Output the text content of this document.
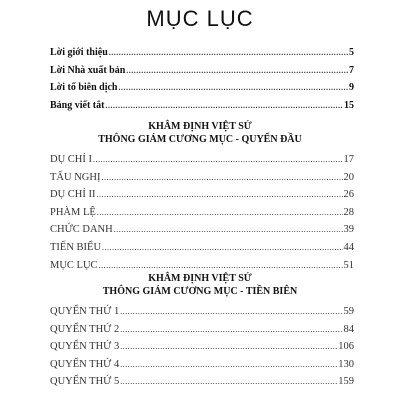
MỤC LỤC
Lời giới thiệu .....	5
Lời Nhà xuất bản .....	7
Lời tổ biên dịch .....	9
Bảng viết tắt .....	15
KHÂM ĐỊNH VIỆT SỬ
THÔNG GIÁM CƯƠNG MỤC - QUYỂN ĐẦU
DỤ CHỈ I .....	17
TẤU NGHỊ .....	20
DỤ CHỈ II .....	26
PHÀM LỆ .....	28
CHỨC DANH .....	39
TIẾN BIỂU .....	44
MỤC LỤC .....	51
KHÂM ĐỊNH VIỆT SỬ
THÔNG GIÁM CƯƠNG MỤC - TIỀN BIÊN
QUYỂN THỨ 1 .....	59
QUYỂN THỨ 2 .....	84
QUYỂN THỨ 3 .....	106
QUYỂN THỨ 4 .....	130
QUYỂN THỨ 5 .....	159
